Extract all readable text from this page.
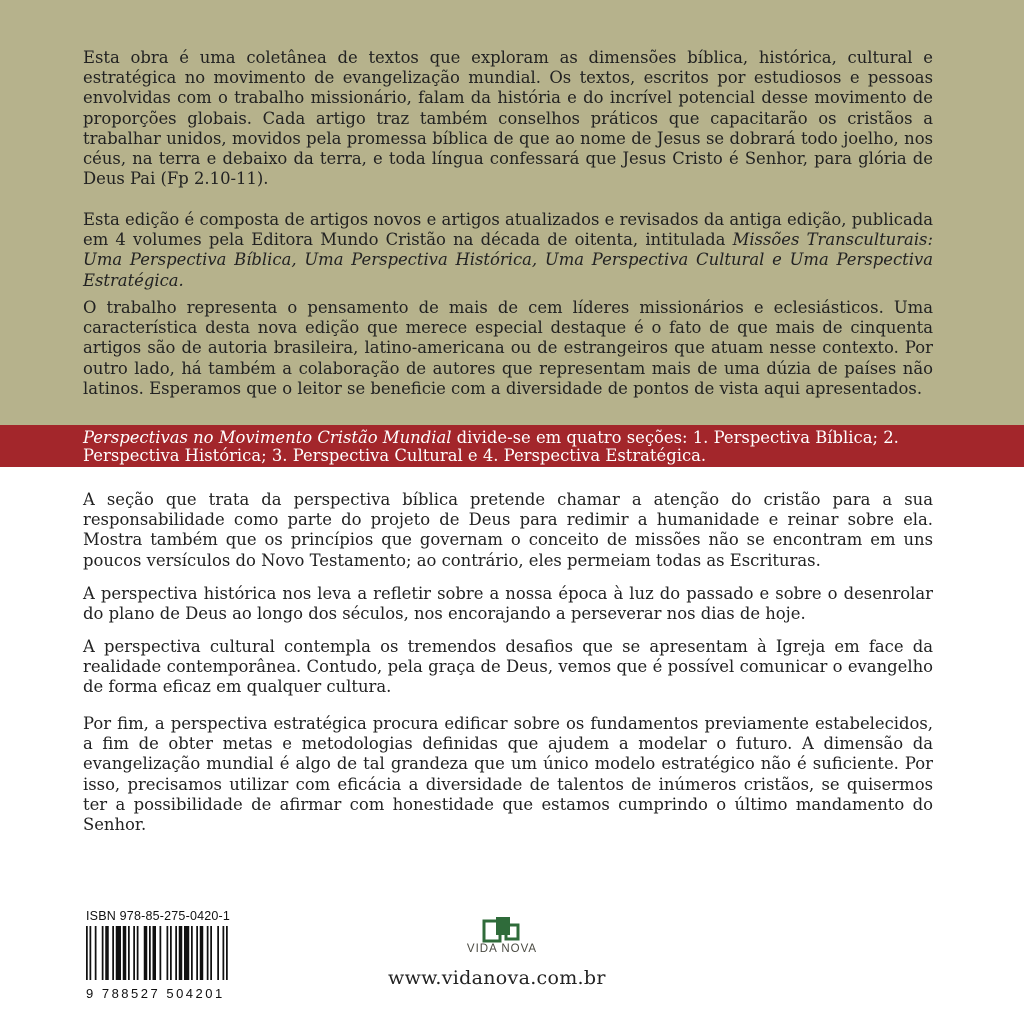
Esta obra é uma coletânea de textos que exploram as dimensões bíblica, histórica, cultural e estratégica no movimento de evangelização mundial. Os textos, escritos por estudiosos e pessoas envolvidas com o trabalho missionário, falam da história e do incrível potencial desse movimento de proporções globais. Cada artigo traz também conselhos práticos que capacitarão os cristãos a trabalhar unidos, movidos pela promessa bíblica de que ao nome de Jesus se dobrará todo joelho, nos céus, na terra e debaixo da terra, e toda língua confessará que Jesus Cristo é Senhor, para glória de Deus Pai (Fp 2.10-11).

Esta edição é composta de artigos novos e artigos atualizados e revisados da antiga edição, publicada em 4 volumes pela Editora Mundo Cristão na década de oitenta, intitulada Missões Transculturais: Uma Perspectiva Bíblica, Uma Perspectiva Histórica, Uma Perspectiva Cultural e Uma Perspectiva Estratégica.

O trabalho representa o pensamento de mais de cem líderes missionários e eclesiásticos. Uma característica desta nova edição que merece especial destaque é o fato de que mais de cinquenta artigos são de autoria brasileira, latino-americana ou de estrangeiros que atuam nesse contexto. Por outro lado, há também a colaboração de autores que representam mais de uma dúzia de países não latinos. Esperamos que o leitor se beneficie com a diversidade de pontos de vista aqui apresentados.

Perspectivas no Movimento Cristão Mundial divide-se em quatro seções: 1. Perspectiva Bíblica; 2. Perspectiva Histórica; 3. Perspectiva Cultural e 4. Perspectiva Estratégica.

A seção que trata da perspectiva bíblica pretende chamar a atenção do cristão para a sua responsabilidade como parte do projeto de Deus para redimir a humanidade e reinar sobre ela. Mostra também que os princípios que governam o conceito de missões não se encontram em uns poucos versículos do Novo Testamento; ao contrário, eles permeiam todas as Escrituras.

A perspectiva histórica nos leva a refletir sobre a nossa época à luz do passado e sobre o desenrolar do plano de Deus ao longo dos séculos, nos encorajando a perseverar nos dias de hoje.

A perspectiva cultural contempla os tremendos desafios que se apresentam à Igreja em face da realidade contemporânea. Contudo, pela graça de Deus, vemos que é possível comunicar o evangelho de forma eficaz em qualquer cultura.

Por fim, a perspectiva estratégica procura edificar sobre os fundamentos previamente estabelecidos, a fim de obter metas e metodologias definidas que ajudem a modelar o futuro. A dimensão da evangelização mundial é algo de tal grandeza que um único modelo estratégico não é suficiente. Por isso, precisamos utilizar com eficácia a diversidade de talentos de inúmeros cristãos, se quisermos ter a possibilidade de afirmar com honestidade que estamos cumprindo o último mandamento do Senhor.

ISBN 978-85-275-0420-1
9 788527 504201
VIDA NOVA
www.vidanova.com.br
